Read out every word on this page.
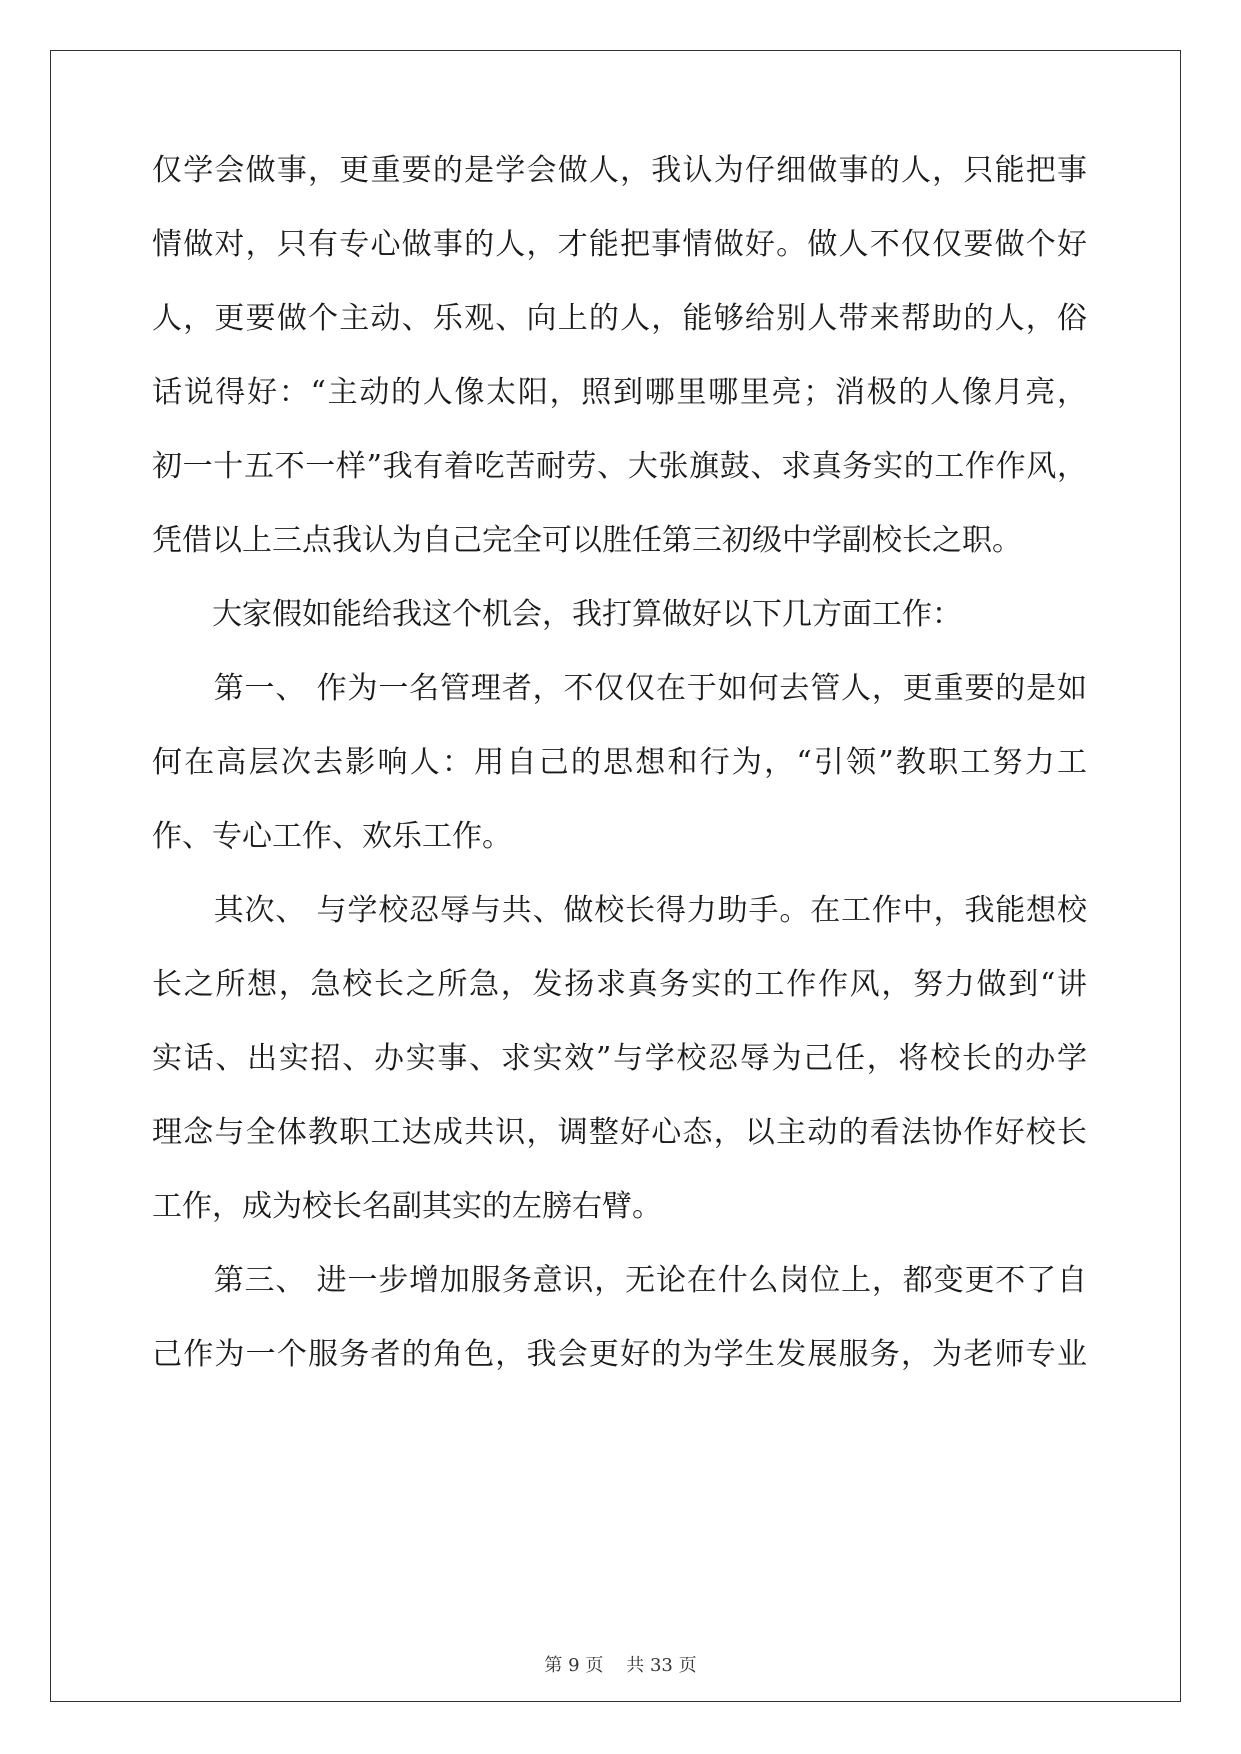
仅学会做事，更重要的是学会做人，我认为仔细做事的人，只能把事
情做对，只有专心做事的人，才能把事情做好。做人不仅仅要做个好
人，更要做个主动、乐观、向上的人，能够给别人带来帮助的人，俗
话说得好：“主动的人像太阳，照到哪里哪里亮；消极的人像月亮，
初一十五不一样”我有着吃苦耐劳、大张旗鼓、求真务实的工作作风，
凭借以上三点我认为自己完全可以胜任第三初级中学副校长之职。
　　大家假如能给我这个机会，我打算做好以下几方面工作：
　　第一、 作为一名管理者，不仅仅在于如何去管人，更重要的是如
何在高层次去影响人：用自己的思想和行为，“引领”教职工努力工
作、专心工作、欢乐工作。
　　其次、 与学校忍辱与共、做校长得力助手。在工作中，我能想校
长之所想，急校长之所急，发扬求真务实的工作作风，努力做到“讲
实话、出实招、办实事、求实效”与学校忍辱为己任，将校长的办学
理念与全体教职工达成共识，调整好心态，以主动的看法协作好校长
工作，成为校长名副其实的左膀右臂。
　　第三、 进一步增加服务意识，无论在什么岗位上，都变更不了自
己作为一个服务者的角色，我会更好的为学生发展服务，为老师专业
第 9 页 共 33 页
